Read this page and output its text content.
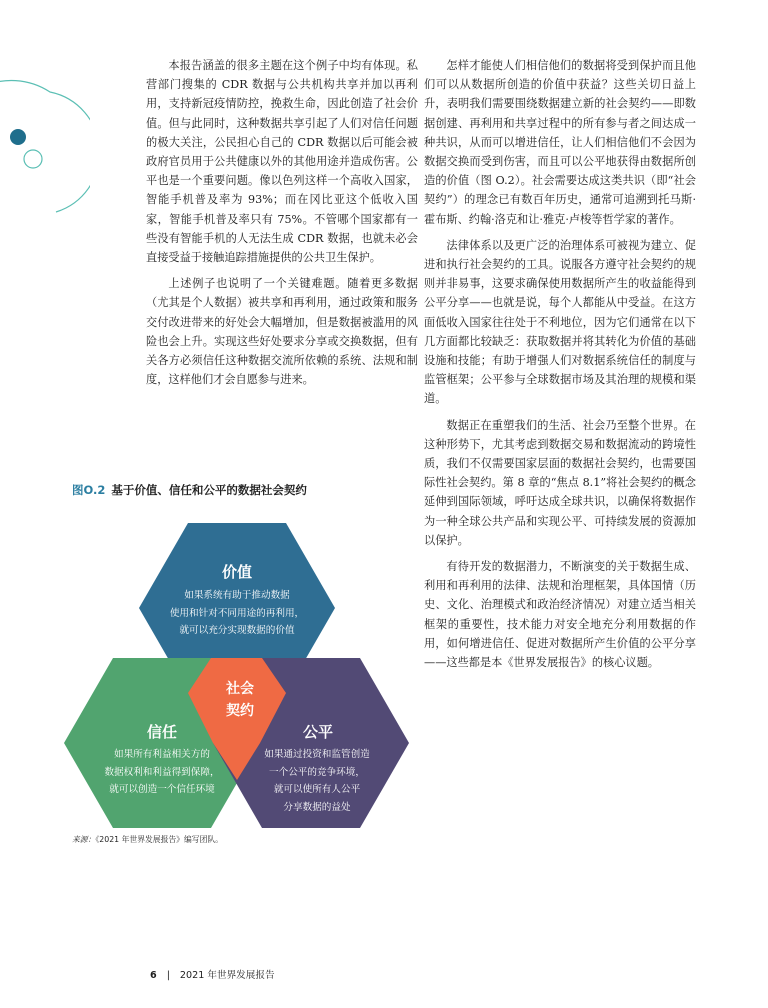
本报告涵盖的很多主题在这个例子中均有体现。私营部门搜集的 CDR 数据与公共机构共享并加以再利用，支持新冠疫情防控，挽救生命，因此创造了社会价值。但与此同时，这种数据共享引起了人们对信任问题的极大关注，公民担心自己的 CDR 数据以后可能会被政府官员用于公共健康以外的其他用途并造成伤害。公平也是一个重要问题。像以色列这样一个高收入国家，智能手机普及率为 93%；而在冈比亚这个低收入国家，智能手机普及率只有 75%。不管哪个国家都有一些没有智能手机的人无法生成 CDR 数据，也就未必会直接受益于接触追踪措施提供的公共卫生保护。

上述例子也说明了一个关键难题。随着更多数据（尤其是个人数据）被共享和再利用，通过政策和服务交付改进带来的好处会大幅增加，但是数据被滥用的风险也会上升。实现这些好处要求分享或交换数据，但有关各方必须信任这种数据交流所依赖的系统、法规和制度，这样他们才会自愿参与进来。

怎样才能使人们相信他们的数据将受到保护而且他们可以从数据所创造的价值中获益？这些关切日益上升，表明我们需要围绕数据建立新的社会契约——即数据创建、再利用和共享过程中的所有参与者之间达成一种共识，从而可以增进信任，让人们相信他们不会因为数据交换而受到伤害，而且可以公平地获得由数据所创造的价值（图 O.2）。社会需要达成这类共识（即“社会契约”）的理念已有数百年历史，通常可追溯到托马斯·霍布斯、约翰·洛克和让·雅克·卢梭等哲学家的著作。

法律体系以及更广泛的治理体系可被视为建立、促进和执行社会契约的工具。说服各方遵守社会契约的规则并非易事，这要求确保使用数据所产生的收益能得到公平分享——也就是说，每个人都能从中受益。在这方面低收入国家往往处于不利地位，因为它们通常在以下几方面都比较缺乏：获取数据并将其转化为价值的基础设施和技能；有助于增强人们对数据系统信任的制度与监管框架；公平参与全球数据市场及其治理的规模和渠道。

数据正在重塑我们的生活、社会乃至整个世界。在这种形势下，尤其考虑到数据交易和数据流动的跨境性质，我们不仅需要国家层面的数据社会契约，也需要国际性社会契约。第 8 章的“焦点 8.1”将社会契约的概念延伸到国际领域，呼吁达成全球共识，以确保将数据作为一种全球公共产品和实现公平、可持续发展的资源加以保护。

有待开发的数据潜力，不断演变的关于数据生成、利用和再利用的法律、法规和治理框架，具体国情（历史、文化、治理模式和政治经济情况）对建立适当相关框架的重要性，技术能力对安全地充分利用数据的作用，如何增进信任、促进对数据所产生价值的公平分享——这些都是本《世界发展报告》的核心议题。

图O.2 基于价值、信任和公平的数据社会契约
社会
契约
价值
如果系统有助于推动数据
使用和针对不同用途的再利用，
就可以充分实现数据的价值
信任
如果所有利益相关方的
数据权利和利益得到保障，
就可以创造一个信任环境
公平
如果通过投资和监管创造
一个公平的竞争环境，
就可以使所有人公平
分享数据的益处
来源：《2021 年世界发展报告》编写团队。
6 | 2021 年世界发展报告
